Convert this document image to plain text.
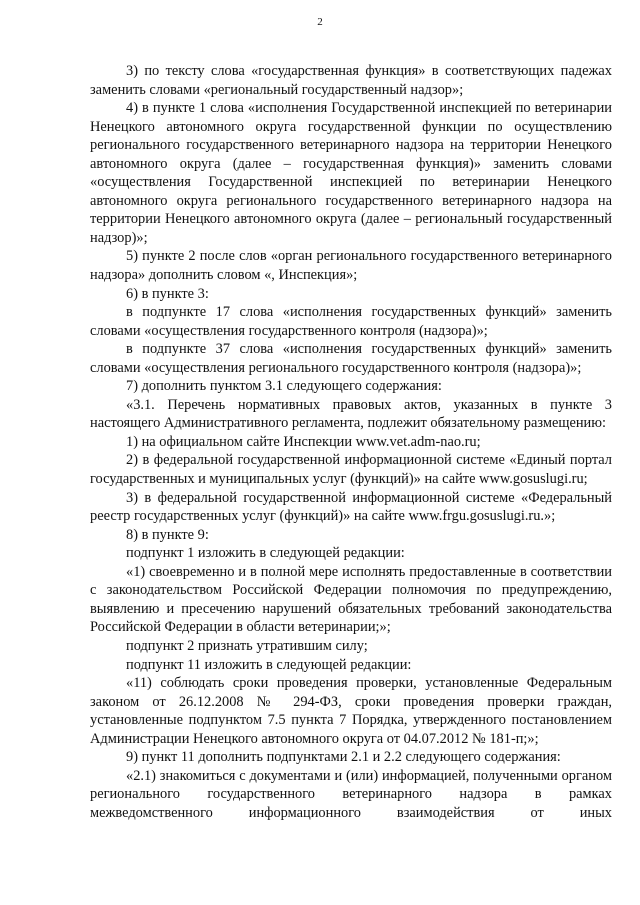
2

3) по тексту слова «государственная функция» в соответствующих падежах заменить словами «региональный государственный надзор»;

4) в пункте 1 слова «исполнения Государственной инспекцией по ветеринарии Ненецкого автономного округа государственной функции по осуществлению регионального государственного ветеринарного надзора на территории Ненецкого автономного округа (далее – государственная функция)» заменить словами «осуществления Государственной инспекцией по ветеринарии Ненецкого автономного округа регионального государственного ветеринарного надзора на территории Ненецкого автономного округа (далее – региональный государственный надзор)»;

5) пункте 2 после слов «орган регионального государственного ветеринарного надзора» дополнить словом «, Инспекция»;

6) в пункте 3:

в подпункте 17 слова «исполнения государственных функций» заменить словами «осуществления государственного контроля (надзора)»;

в подпункте 37 слова «исполнения государственных функций» заменить словами «осуществления регионального государственного контроля (надзора)»;

7) дополнить пунктом 3.1 следующего содержания:

«3.1. Перечень нормативных правовых актов, указанных в пункте 3 настоящего Административного регламента, подлежит обязательному размещению:

1) на официальном сайте Инспекции www.vet.adm-nao.ru;

2) в федеральной государственной информационной системе «Единый портал государственных и муниципальных услуг (функций)» на сайте www.gosuslugi.ru;

3) в федеральной государственной информационной системе «Федеральный реестр государственных услуг (функций)» на сайте www.frgu.gosuslugi.ru.»;

8) в пункте 9:

подпункт 1 изложить в следующей редакции:

«1) своевременно и в полной мере исполнять предоставленные в соответствии с законодательством Российской Федерации полномочия по предупреждению, выявлению и пресечению нарушений обязательных требований законодательства Российской Федерации в области ветеринарии;»;

подпункт 2 признать утратившим силу;

подпункт 11 изложить в следующей редакции:

«11) соблюдать сроки проведения проверки, установленные Федеральным законом от 26.12.2008 № 294-ФЗ, сроки проведения проверки граждан, установленные подпунктом 7.5 пункта 7 Порядка, утвержденного постановлением Администрации Ненецкого автономного округа от 04.07.2012 № 181-п;»;

9) пункт 11 дополнить подпунктами 2.1 и 2.2 следующего содержания:

«2.1) знакомиться с документами и (или) информацией, полученными органом регионального государственного ветеринарного надзора в рамках межведомственного информационного взаимодействия от иных
